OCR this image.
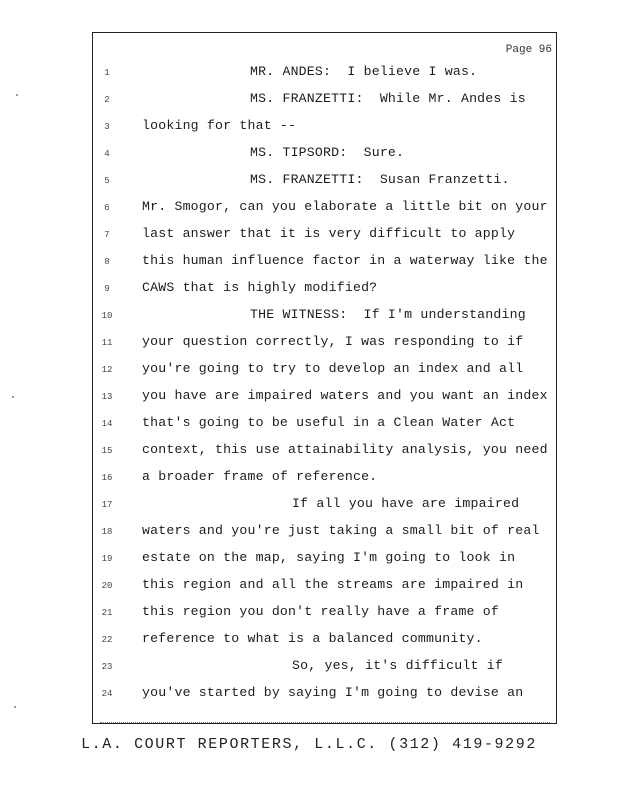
Page 96
1	MR. ANDES:  I believe I was.
2	MS. FRANZETTI:  While Mr. Andes is
3	looking for that --
4	MS. TIPSORD:  Sure.
5	MS. FRANZETTI:  Susan Franzetti.
6	Mr. Smogor, can you elaborate a little bit on your
7	last answer that it is very difficult to apply
8	this human influence factor in a waterway like the
9	CAWS that is highly modified?
10	THE WITNESS:  If I'm understanding
11	your question correctly, I was responding to if
12	you're going to try to develop an index and all
13	you have are impaired waters and you want an index
14	that's going to be useful in a Clean Water Act
15	context, this use attainability analysis, you need
16	a broader frame of reference.
17	If all you have are impaired
18	waters and you're just taking a small bit of real
19	estate on the map, saying I'm going to look in
20	this region and all the streams are impaired in
21	this region you don't really have a frame of
22	reference to what is a balanced community.
23	So, yes, it's difficult if
24	you've started by saying I'm going to devise an
L.A. COURT REPORTERS, L.L.C. (312) 419-9292
